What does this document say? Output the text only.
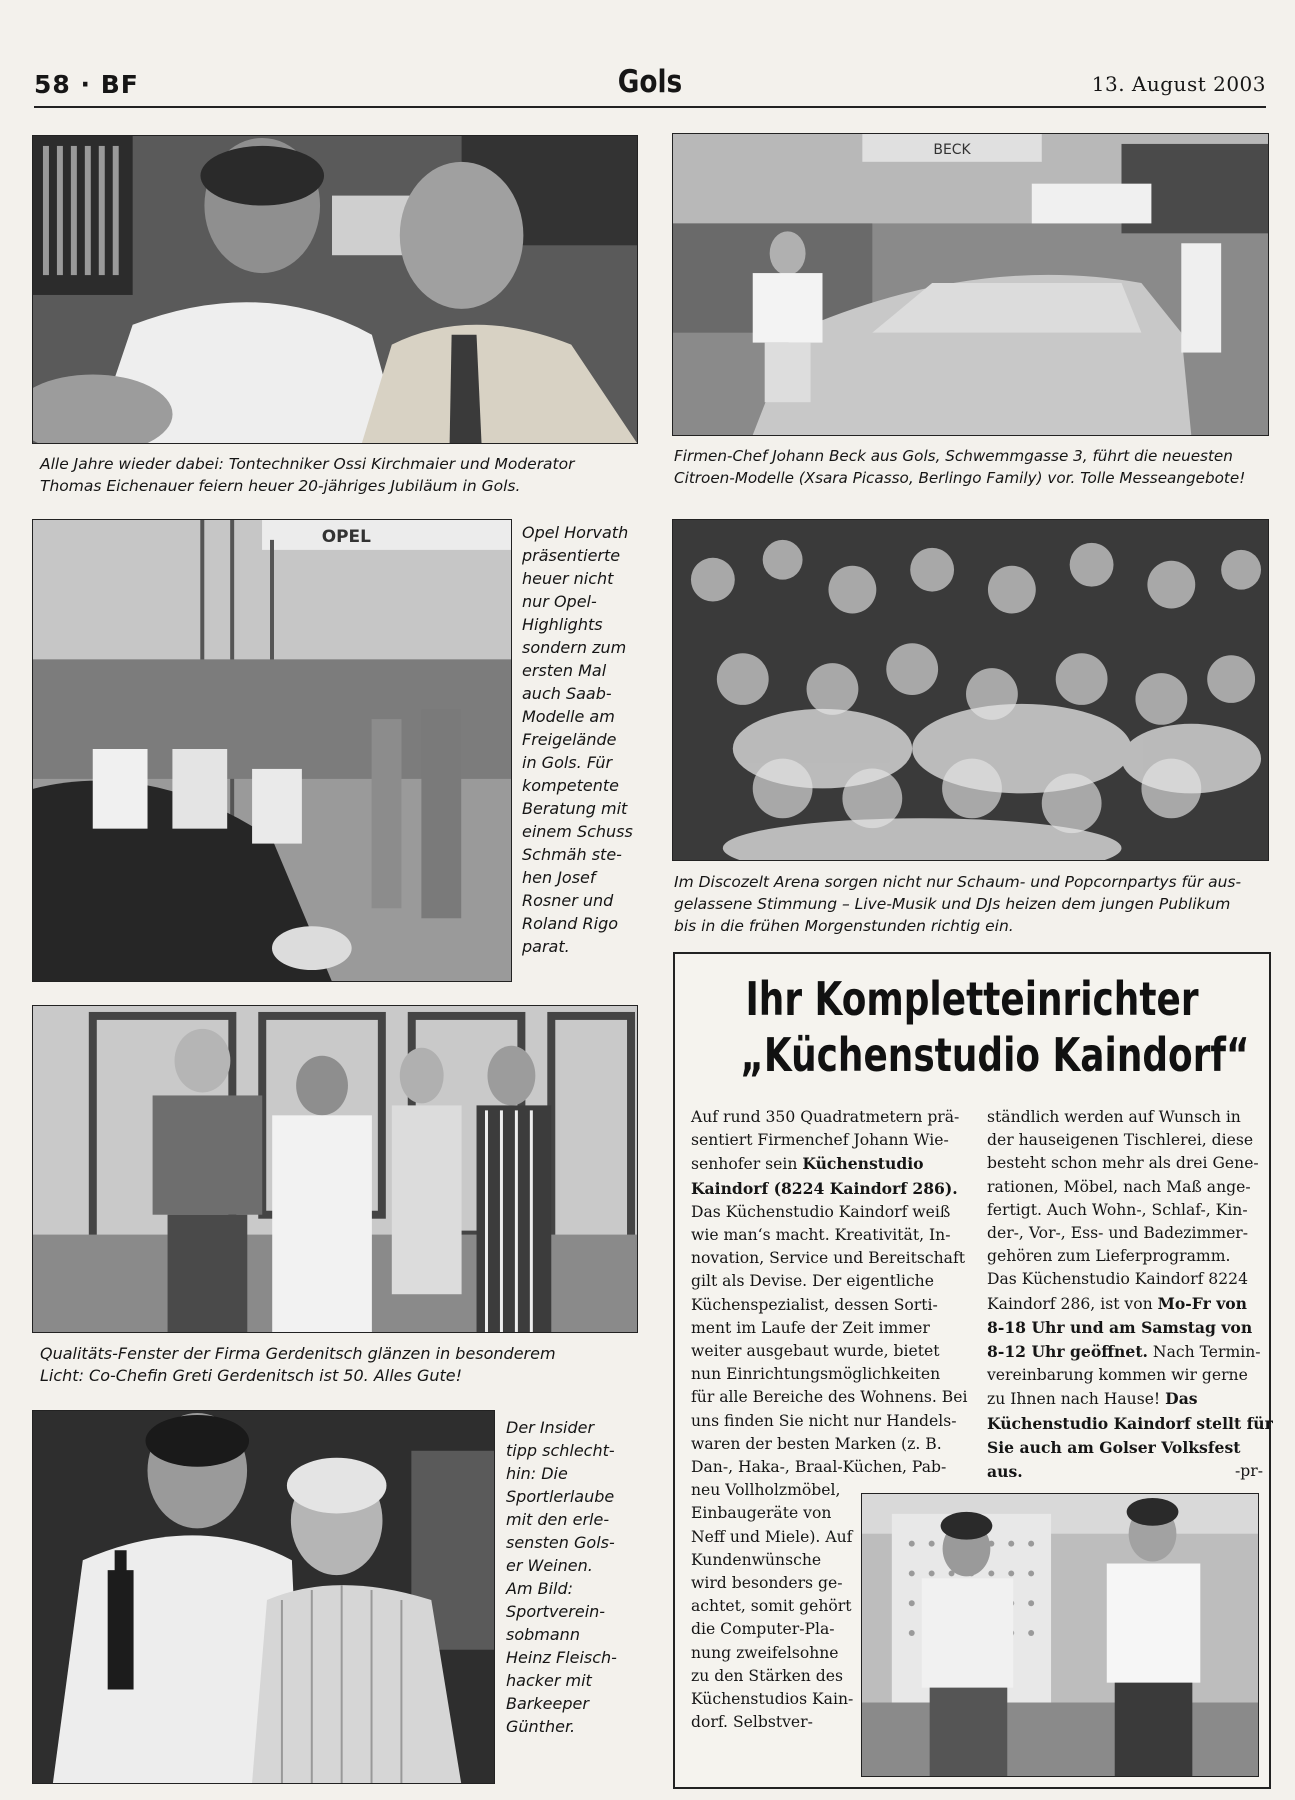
58 · BF	Gols	13. August 2003
Alle Jahre wieder dabei: Tontechniker Ossi Kirchmaier und Moderator
Thomas Eichenauer feiern heuer 20-jähriges Jubiläum in Gols.
BECK
Firmen-Chef Johann Beck aus Gols, Schwemmgasse 3, führt die neuesten
Citroen-Modelle (Xsara Picasso, Berlingo Family) vor. Tolle Messeangebote!
OPEL	Opel Horvath
präsentierte
heuer nicht
nur Opel-
Highlights
sondern zum
ersten Mal
auch Saab-
Modelle am
Freigelände
in Gols. Für
kompetente
Beratung mit
einem Schuss
Schmäh ste-
hen Josef
Rosner und
Roland Rigo
parat.
Im Discozelt Arena sorgen nicht nur Schaum- und Popcornpartys für aus-
gelassene Stimmung – Live-Musik und DJs heizen dem jungen Publikum
bis in die frühen Morgenstunden richtig ein.
Qualitäts-Fenster der Firma Gerdenitsch glänzen in besonderem
Licht: Co-Chefin Greti Gerdenitsch ist 50. Alles Gute!
Der Insider
tipp schlecht-
hin: Die
Sportlerlaube
mit den erle-
sensten Gols-
er Weinen.
Am Bild:
Sportverein-
sobmann
Heinz Fleisch-
hacker mit
Barkeeper
Günther.
Ihr Kompletteinrichter
„Küchenstudio Kaindorf“
Auf rund 350 Quadratmetern prä-
sentiert Firmenchef Johann Wie-
senhofer sein Küchenstudio
Kaindorf (8224 Kaindorf 286).
Das Küchenstudio Kaindorf weiß
wie man‘s macht. Kreativität, In-
novation, Service und Bereitschaft
gilt als Devise. Der eigentliche
Küchenspezialist, dessen Sorti-
ment im Laufe der Zeit immer
weiter ausgebaut wurde, bietet
nun Einrichtungsmöglichkeiten
für alle Bereiche des Wohnens. Bei
uns finden Sie nicht nur Handels-
waren der besten Marken (z. B.
Dan-, Haka-, Braal-Küchen, Pab-
neu Vollholzmöbel,
Einbaugeräte von
Neff und Miele). Auf
Kundenwünsche
wird besonders ge-
achtet, somit gehört
die Computer-Pla-
nung zweifelsohne
zu den Stärken des
Küchenstudios Kain-
dorf. Selbstver-
ständlich werden auf Wunsch in
der hauseigenen Tischlerei, diese
besteht schon mehr als drei Gene-
rationen, Möbel, nach Maß ange-
fertigt. Auch Wohn-, Schlaf-, Kin-
der-, Vor-, Ess- und Badezimmer-
gehören zum Lieferprogramm.
Das Küchenstudio Kaindorf 8224
Kaindorf 286, ist von Mo-Fr von
8-18 Uhr und am Samstag von
8-12 Uhr geöffnet. Nach Termin-
vereinbarung kommen wir gerne
zu Ihnen nach Hause! Das
Küchenstudio Kaindorf stellt für
Sie auch am Golser Volksfest
aus.	-pr-
